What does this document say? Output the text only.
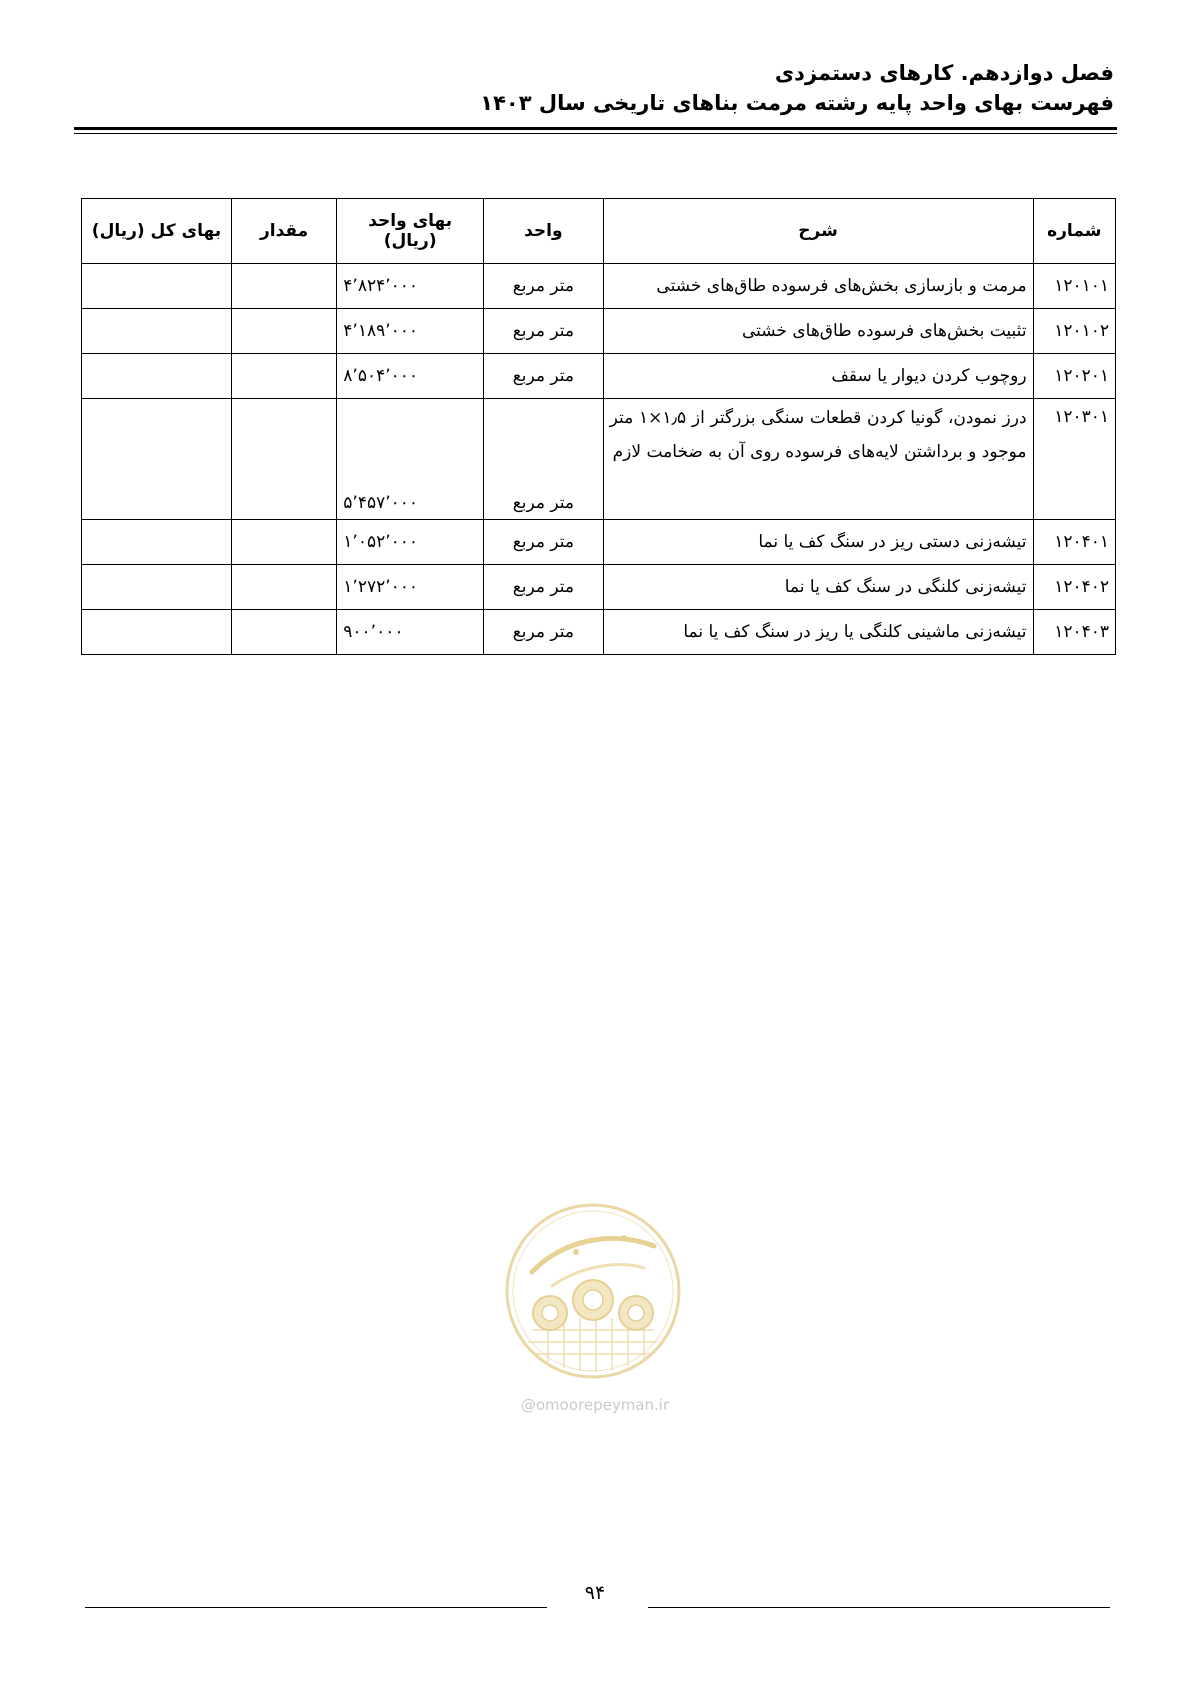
فصل دوازدهم. کارهای دستمزدی
فهرست بهای واحد پایه رشته مرمت بناهای تاریخی سال ۱۴۰۳
شماره	شرح	واحد	بهای واحد (ریال)	مقدار	بهای کل (ریال)
۱۲۰۱۰۱	مرمت و بازسازی بخش‌های فرسوده طاق‌های خشتی	متر مربع	۴٬۸۲۴٬۰۰۰		
۱۲۰۱۰۲	تثبیت بخش‌های فرسوده طاق‌های خشتی	متر مربع	۴٬۱۸۹٬۰۰۰		
۱۲۰۲۰۱	روچوب کردن دیوار یا سقف	متر مربع	۸٬۵۰۴٬۰۰۰		
۱۲۰۳۰۱	درز نمودن، گونیا کردن قطعات سنگی بزرگتر از ۱٫۵×۱ متر موجود و برداشتن لایه‌های فرسوده روی آن به ضخامت لازم	متر مربع	۵٬۴۵۷٬۰۰۰		
۱۲۰۴۰۱	تیشه‌زنی دستی ریز در سنگ کف یا نما	متر مربع	۱٬۰۵۲٬۰۰۰		
۱۲۰۴۰۲	تیشه‌زنی کلنگی در سنگ کف یا نما	متر مربع	۱٬۲۷۲٬۰۰۰		
۱۲۰۴۰۳	تیشه‌زنی ماشینی کلنگی یا ریز در سنگ کف یا نما	متر مربع	۹۰۰٬۰۰۰		
@omoorepeyman.ir
۹۴
